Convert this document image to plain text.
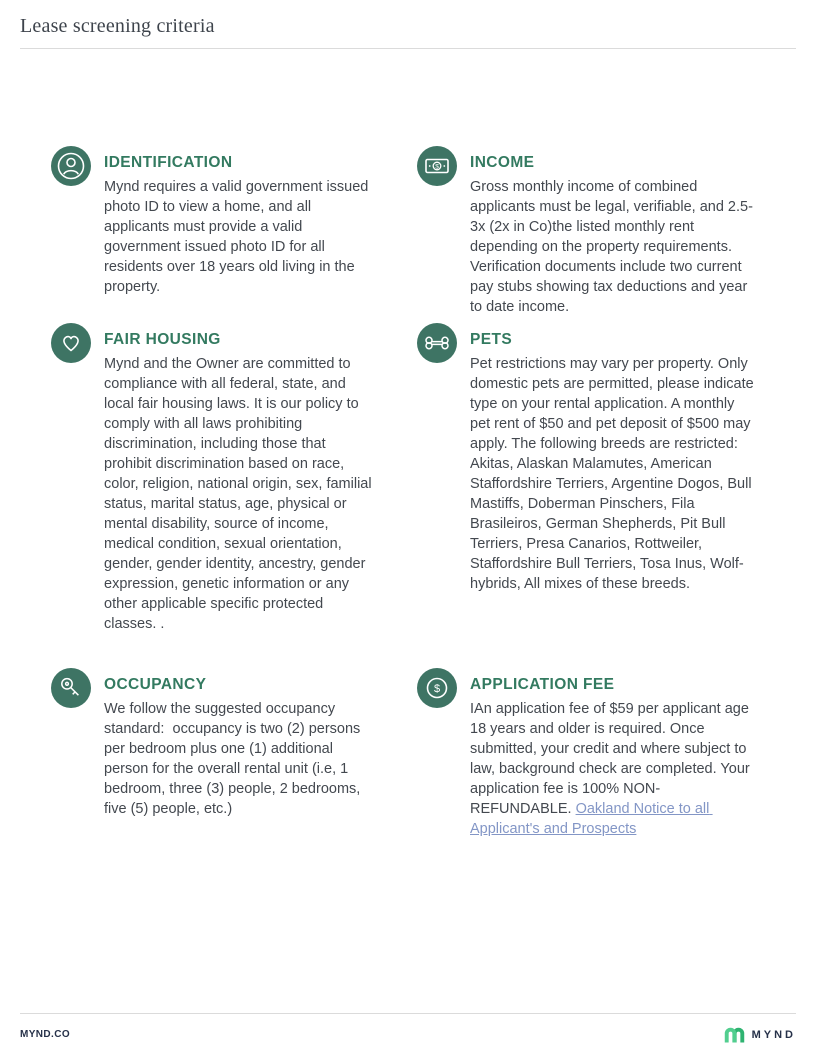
Lease screening criteria
IDENTIFICATION

Mynd requires a valid government issued photo ID to view a home, and all applicants must provide a valid government issued photo ID for all residents over 18 years old living in the property.

$ INCOME

Gross monthly income of combined applicants must be legal, verifiable, and 2.5-3x (2x in Co)the listed monthly rent depending on the property requirements. Verification documents include two current pay stubs showing tax deductions and year to date income.

FAIR HOUSING

Mynd and the Owner are committed to compliance with all federal, state, and local fair housing laws. It is our policy to comply with all laws prohibiting discrimination, including those that prohibit discrimination based on race, color, religion, national origin, sex, familial status, marital status, age, physical or mental disability, source of income, medical condition, sexual orientation, gender, gender identity, ancestry, gender expression, genetic information or any other applicable specific protected classes. .

PETS

Pet restrictions may vary per property. Only domestic pets are permitted, please indicate type on your rental application. A monthly pet rent of $50 and pet deposit of $500 may apply. The following breeds are restricted: Akitas, Alaskan Malamutes, American Staffordshire Terriers, Argentine Dogos, Bull Mastiffs, Doberman Pinschers, Fila Brasileiros, German Shepherds, Pit Bull Terriers, Presa Canarios, Rottweiler, Staffordshire Bull Terriers, Tosa Inus, Wolf-hybrids, All mixes of these breeds.

OCCUPANCY

We follow the suggested occupancy standard:  occupancy is two (2) persons per bedroom plus one (1) additional person for the overall rental unit (i.e, 1 bedroom, three (3) people, 2 bedrooms, five (5) people, etc.)

$ APPLICATION FEE

IAn application fee of $59 per applicant age 18 years and older is required. Once submitted, your credit and where subject to law, background check are completed. Your application fee is 100% NON-REFUNDABLE. Oakland Notice to all Applicant's and Prospects

MYND.CO	MYND
